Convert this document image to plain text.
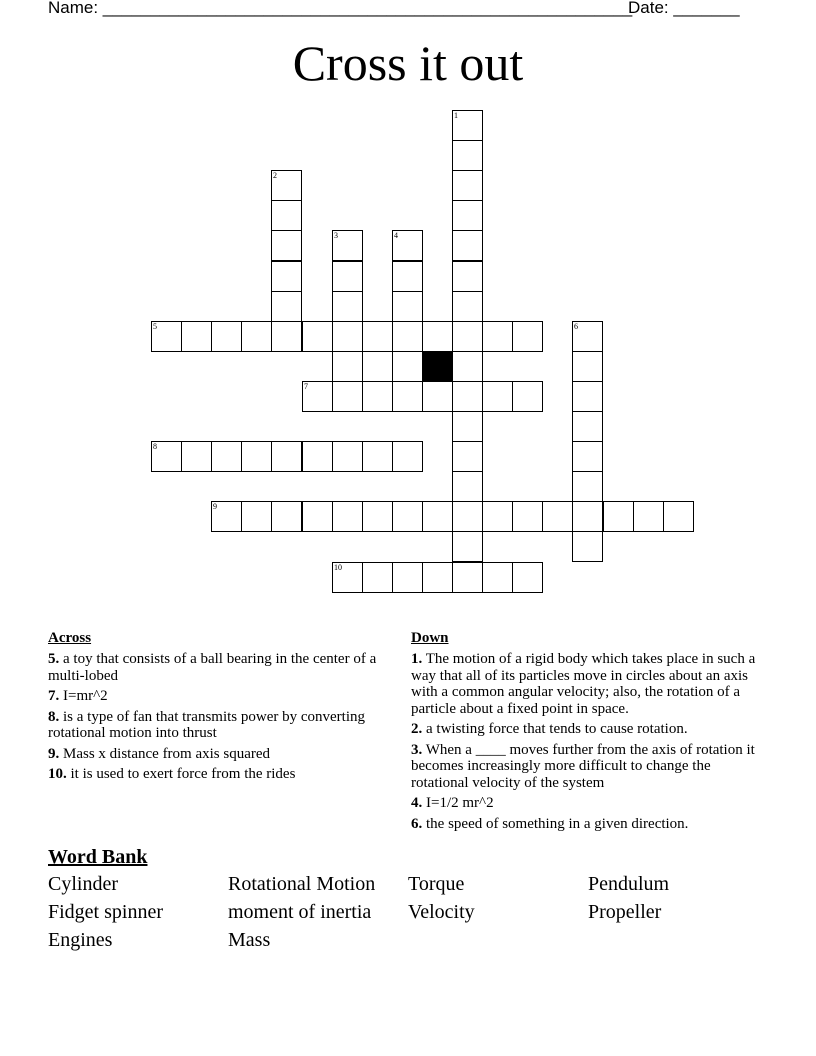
Name: ________________________________________________________
Date: _______
Cross it out
1
2
3	4
5	6
7
8
9
10
Across
5. a toy that consists of a ball bearing in the center of a multi-lobed
7. I=mr^2
8. is a type of fan that transmits power by converting rotational motion into thrust
9. Mass x distance from axis squared
10. it is used to exert force from the rides
Down
1. The motion of a rigid body which takes place in such a way that all of its particles move in circles about an axis with a common angular velocity; also, the rotation of a particle about a fixed point in space.
2. a twisting force that tends to cause rotation.
3. When a ____ moves further from the axis of rotation it becomes increasingly more difficult to change the rotational velocity of the system
4. I=1/2 mr^2
6. the speed of something in a given direction.
Word Bank
Cylinder	Rotational Motion	Torque	Pendulum
Fidget spinner	moment of inertia	Velocity	Propeller
Engines	Mass
